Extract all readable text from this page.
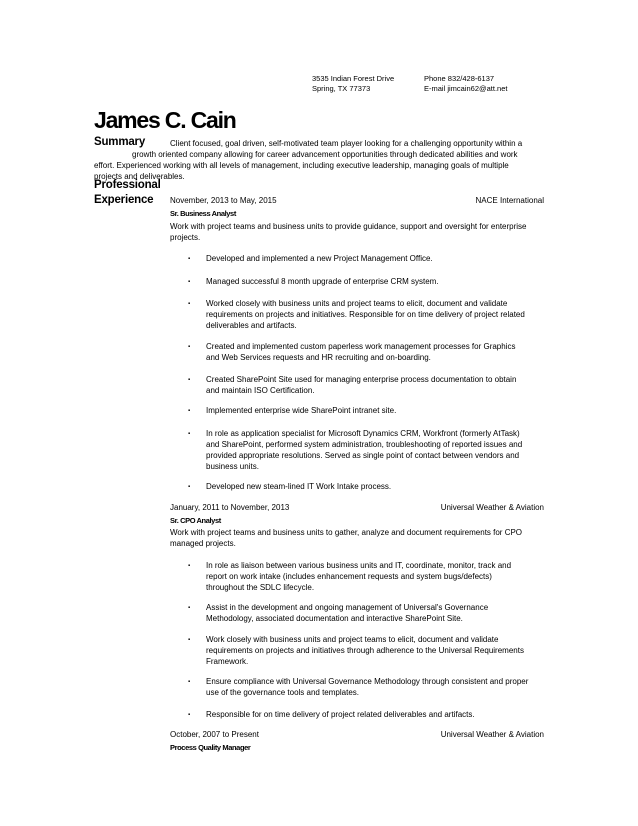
3535 Indian Forest Drive
Spring, TX 77373
Phone 832/428-6137
E-mail jimcain62@att.net
James C. Cain
Summary	Client focused, goal driven, self-motivated team player looking for a challenging opportunity within a
growth oriented company allowing for career advancement opportunities through dedicated abilities and work
effort. Experienced working with all levels of management, including executive leadership, managing goals of multiple
projects and deliverables.
Professional
Experience November, 2013 to May, 2015	NACE International
Sr. Business Analyst
Work with project teams and business units to provide guidance, support and oversight for enterprise
projects.
▪	Developed and implemented a new Project Management Office.
▪	Managed successful 8 month upgrade of enterprise CRM system.
▪	Worked closely with business units and project teams to elicit, document and validate
requirements on projects and initiatives. Responsible for on time delivery of project related
deliverables and artifacts.
▪	Created and implemented custom paperless work management processes for Graphics
and Web Services requests and HR recruiting and on-boarding.
▪	Created SharePoint Site used for managing enterprise process documentation to obtain
and maintain ISO Certification.
▪	Implemented enterprise wide SharePoint intranet site.
▪	In role as application specialist for Microsoft Dynamics CRM, Workfront (formerly AtTask)
and SharePoint, performed system administration, troubleshooting of reported issues and
provided appropriate resolutions. Served as single point of contact between vendors and
business units.
▪	Developed new steam-lined IT Work Intake process.
January, 2011 to November, 2013	Universal Weather & Aviation
Sr. CPO Analyst
Work with project teams and business units to gather, analyze and document requirements for CPO
managed projects.
▪	In role as liaison between various business units and IT, coordinate, monitor, track and
report on work intake (includes enhancement requests and system bugs/defects)
throughout the SDLC lifecycle.
▪	Assist in the development and ongoing management of Universal's Governance
Methodology, associated documentation and interactive SharePoint Site.
▪	Work closely with business units and project teams to elicit, document and validate
requirements on projects and initiatives through adherence to the Universal Requirements
Framework.
▪	Ensure compliance with Universal Governance Methodology through consistent and proper
use of the governance tools and templates.
▪	Responsible for on time delivery of project related deliverables and artifacts.
October, 2007 to Present	Universal Weather & Aviation
Process Quality Manager
